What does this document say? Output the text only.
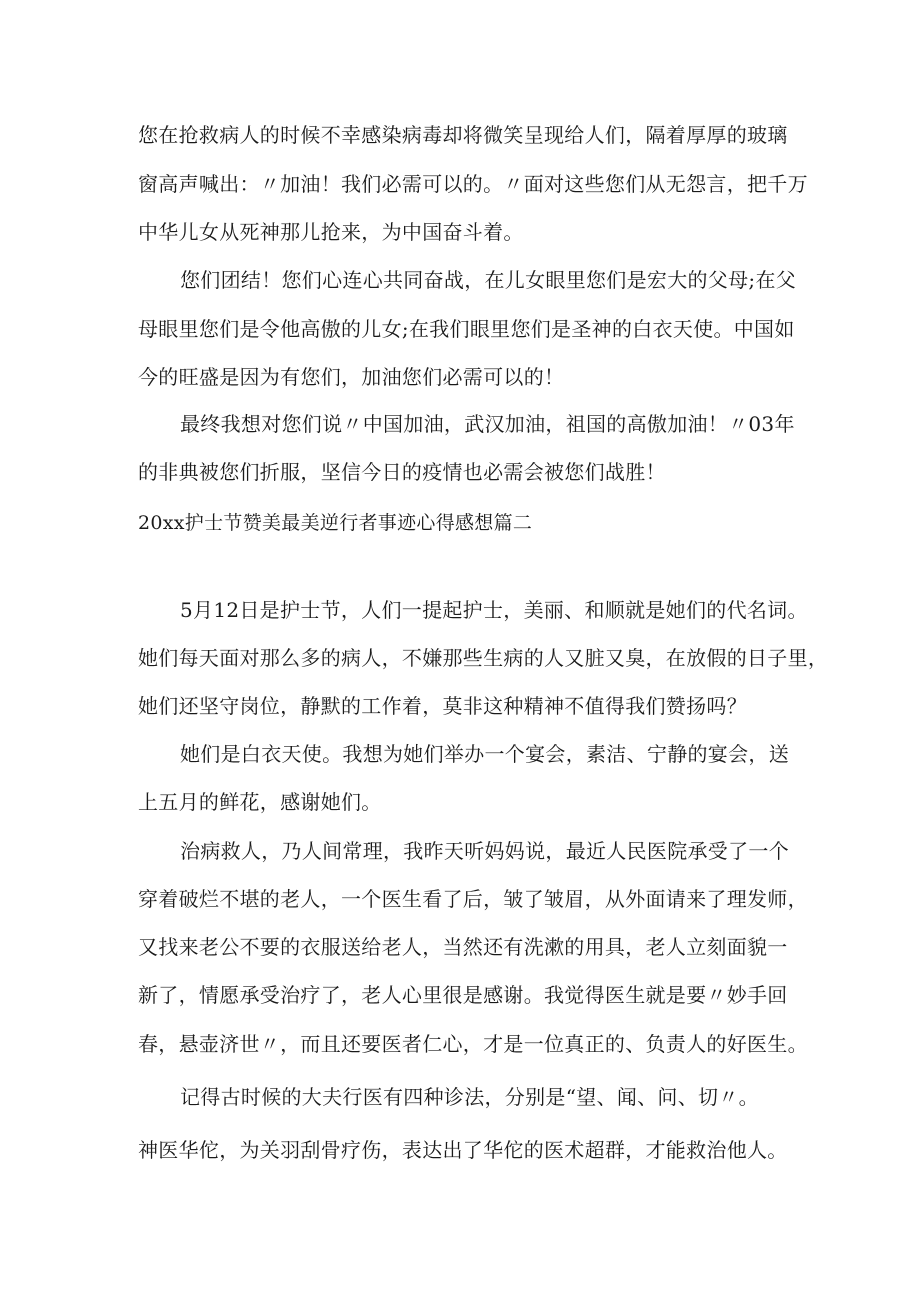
您在抢救病人的时候不幸感染病毒却将微笑呈现给人们，隔着厚厚的玻璃
窗高声喊出：〃加油！我们必需可以的。〃面对这些您们从无怨言，把千万
中华儿女从死神那儿抢来，为中国奋斗着。
您们团结！您们心连心共同奋战，在儿女眼里您们是宏大的父母;在父
母眼里您们是令他高傲的儿女;在我们眼里您们是圣神的白衣天使。中国如
今的旺盛是因为有您们，加油您们必需可以的！
最终我想对您们说〃中国加油，武汉加油，祖国的高傲加油！〃03年
的非典被您们折服，坚信今日的疫情也必需会被您们战胜！
20xx护士节赞美最美逆行者事迹心得感想篇二
5月12日是护士节，人们一提起护士，美丽、和顺就是她们的代名词。
她们每天面对那么多的病人，不嫌那些生病的人又脏又臭，在放假的日子里，
她们还坚守岗位，静默的工作着，莫非这种精神不值得我们赞扬吗？
她们是白衣天使。我想为她们举办一个宴会，素洁、宁静的宴会，送
上五月的鲜花，感谢她们。
治病救人，乃人间常理，我昨天听妈妈说，最近人民医院承受了一个
穿着破烂不堪的老人，一个医生看了后，皱了皱眉，从外面请来了理发师，
又找来老公不要的衣服送给老人，当然还有洗漱的用具，老人立刻面貌一
新了，情愿承受治疗了，老人心里很是感谢。我觉得医生就是要〃妙手回
春，悬壶济世〃，而且还要医者仁心，才是一位真正的、负责人的好医生。
记得古时候的大夫行医有四种诊法，分别是“望、闻、问、切〃。
神医华佗，为关羽刮骨疗伤，表达出了华佗的医术超群，才能救治他人。
